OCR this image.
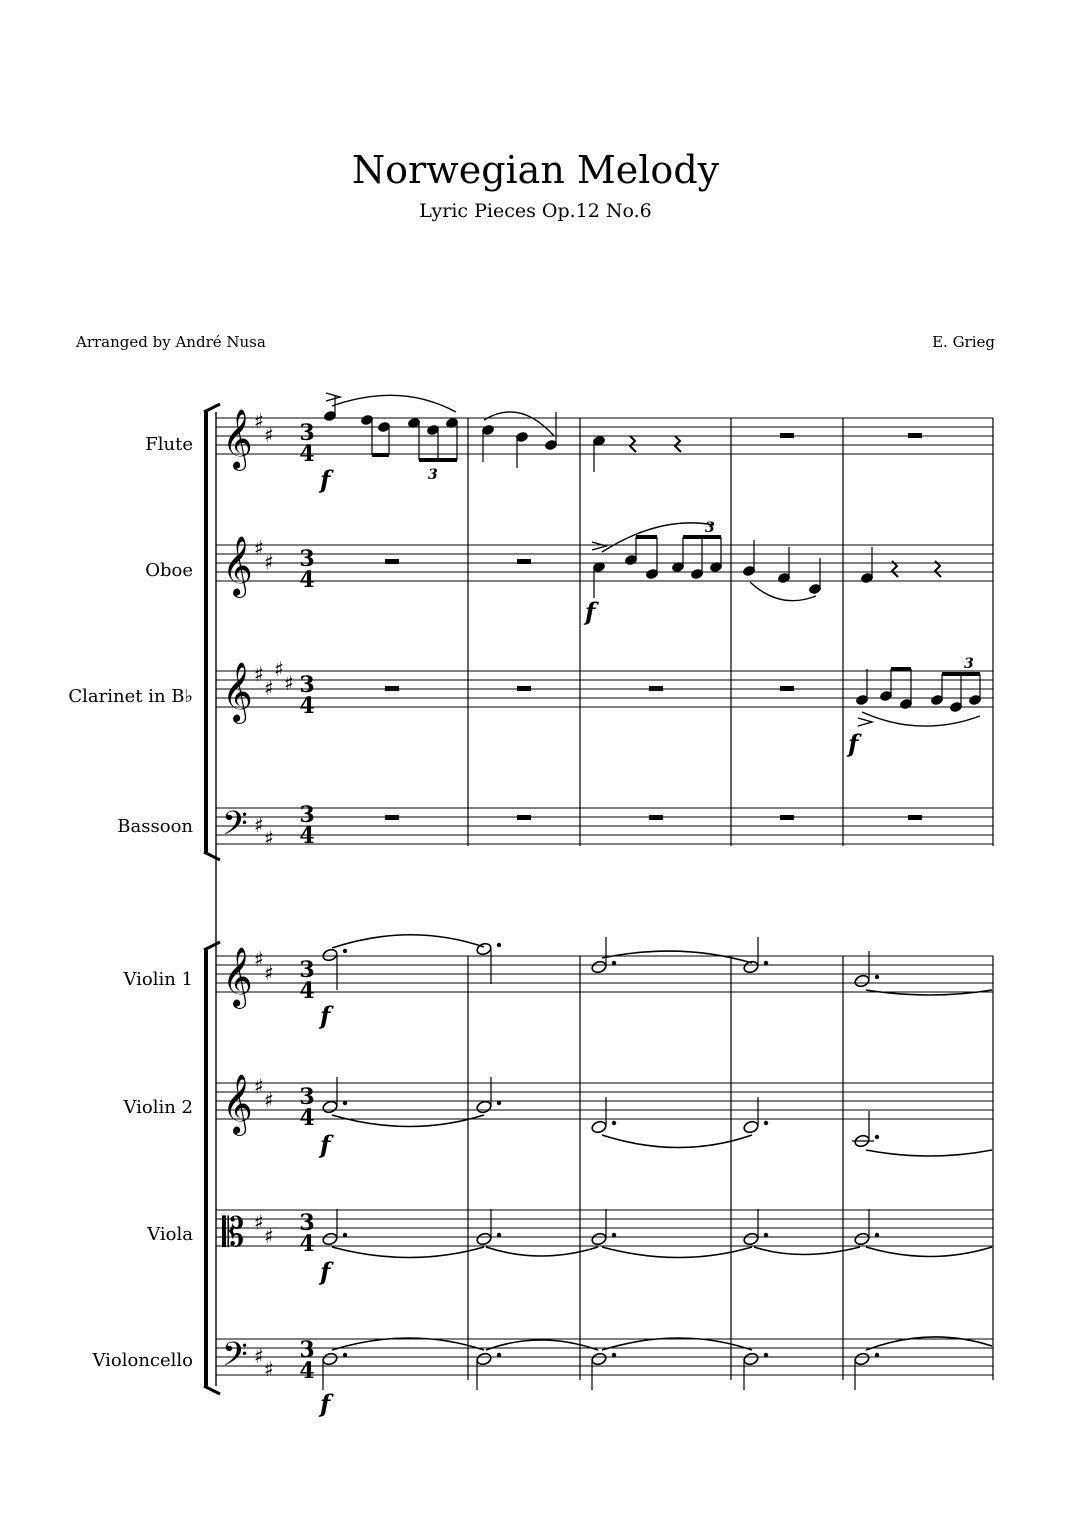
Norwegian Melody
Lyric Pieces Op.12 No.6
Arranged by André Nusa	E. Grieg
𝄞 ♯
♯
𝄞 ♯
♯
𝄞 ♯
♯
♯
♯
𝄢 ♯
♯
𝄞 ♯
♯
𝄞 ♯
♯
𝄡 ♯
♯
𝄢 ♯
♯
Flute
Oboe
Clarinet in B♭
Bassoon
Violin 1
Violin 2
Viola
Violoncello
3
4
3
4
3
4
3
4
3
4
3
4
3
4
3
4
3
3
3
f
f
f
f
f
f
f
